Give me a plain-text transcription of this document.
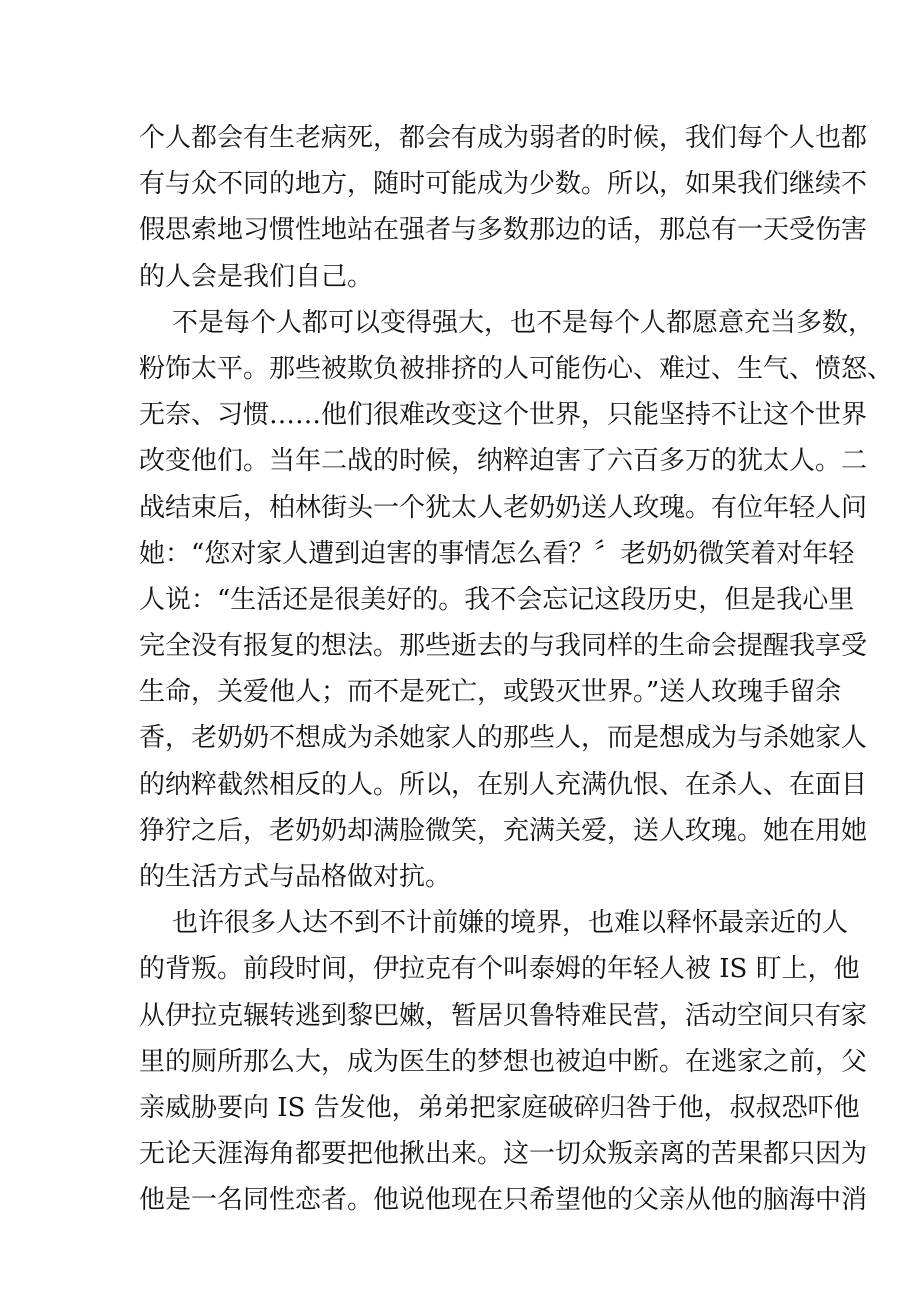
个人都会有生老病死，都会有成为弱者的时候，我们每个人也都
有与众不同的地方，随时可能成为少数。所以，如果我们继续不
假思索地习惯性地站在强者与多数那边的话，那总有一天受伤害
的人会是我们自己。
不是每个人都可以变得强大，也不是每个人都愿意充当多数，
粉饰太平。那些被欺负被排挤的人可能伤心、难过、生气、愤怒、
无奈、习惯……他们很难改变这个世界，只能坚持不让这个世界
改变他们。当年二战的时候，纳粹迫害了六百多万的犹太人。二
战结束后，柏林街头一个犹太人老奶奶送人玫瑰。有位年轻人问
她：“您对家人遭到迫害的事情怎么看？〞老奶奶微笑着对年轻
人说：“生活还是很美好的。我不会忘记这段历史，但是我心里
完全没有报复的想法。那些逝去的与我同样的生命会提醒我享受
生命，关爱他人；而不是死亡，或毁灭世界。”送人玫瑰手留余
香，老奶奶不想成为杀她家人的那些人，而是想成为与杀她家人
的纳粹截然相反的人。所以，在别人充满仇恨、在杀人、在面目
狰狞之后，老奶奶却满脸微笑，充满关爱，送人玫瑰。她在用她
的生活方式与品格做对抗。
也许很多人达不到不计前嫌的境界，也难以释怀最亲近的人
的背叛。前段时间，伊拉克有个叫泰姆的年轻人被 IS 盯上，他
从伊拉克辗转逃到黎巴嫩，暂居贝鲁特难民营，活动空间只有家
里的厕所那么大，成为医生的梦想也被迫中断。在逃家之前，父
亲威胁要向 IS 告发他，弟弟把家庭破碎归咎于他，叔叔恐吓他
无论天涯海角都要把他揪出来。这一切众叛亲离的苦果都只因为
他是一名同性恋者。他说他现在只希望他的父亲从他的脑海中消
